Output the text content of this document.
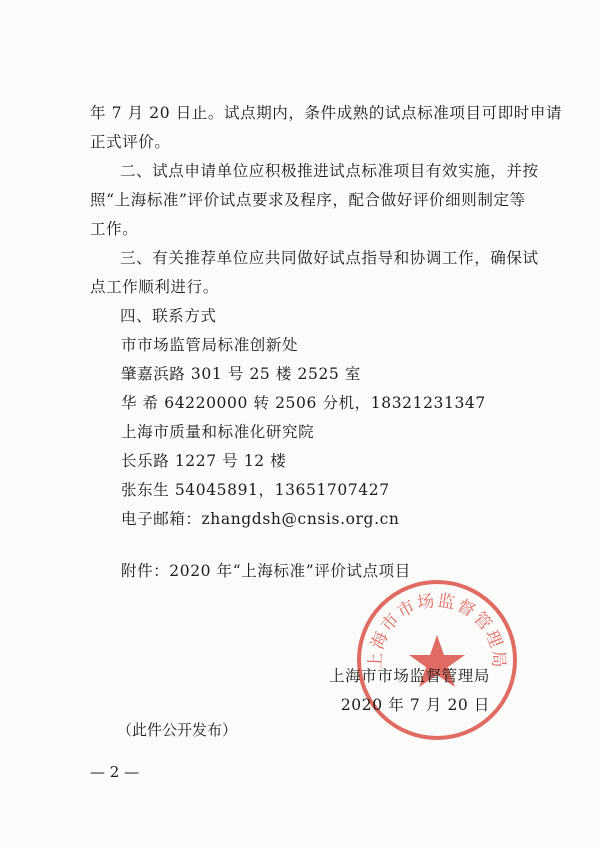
年 7 月 20 日止。试点期内，条件成熟的试点标准项目可即时申请
正式评价。
二、试点申请单位应积极推进试点标准项目有效实施，并按
照“上海标准”评价试点要求及程序，配合做好评价细则制定等
工作。
三、有关推荐单位应共同做好试点指导和协调工作，确保试
点工作顺利进行。
四、联系方式
市市场监管局标准创新处
肇嘉浜路 301 号 25 楼 2525 室
华 希 64220000 转 2506 分机，18321231347
上海市质量和标准化研究院
长乐路 1227 号 12 楼
张东生 54045891，13651707427
电子邮箱：zhangdsh@cnsis.org.cn
附件：2020 年“上海标准”评价试点项目
上海市市场监督管理局
上海市市场监督管理局
2020 年 7 月 20 日
（此件公开发布）
— 2 —
